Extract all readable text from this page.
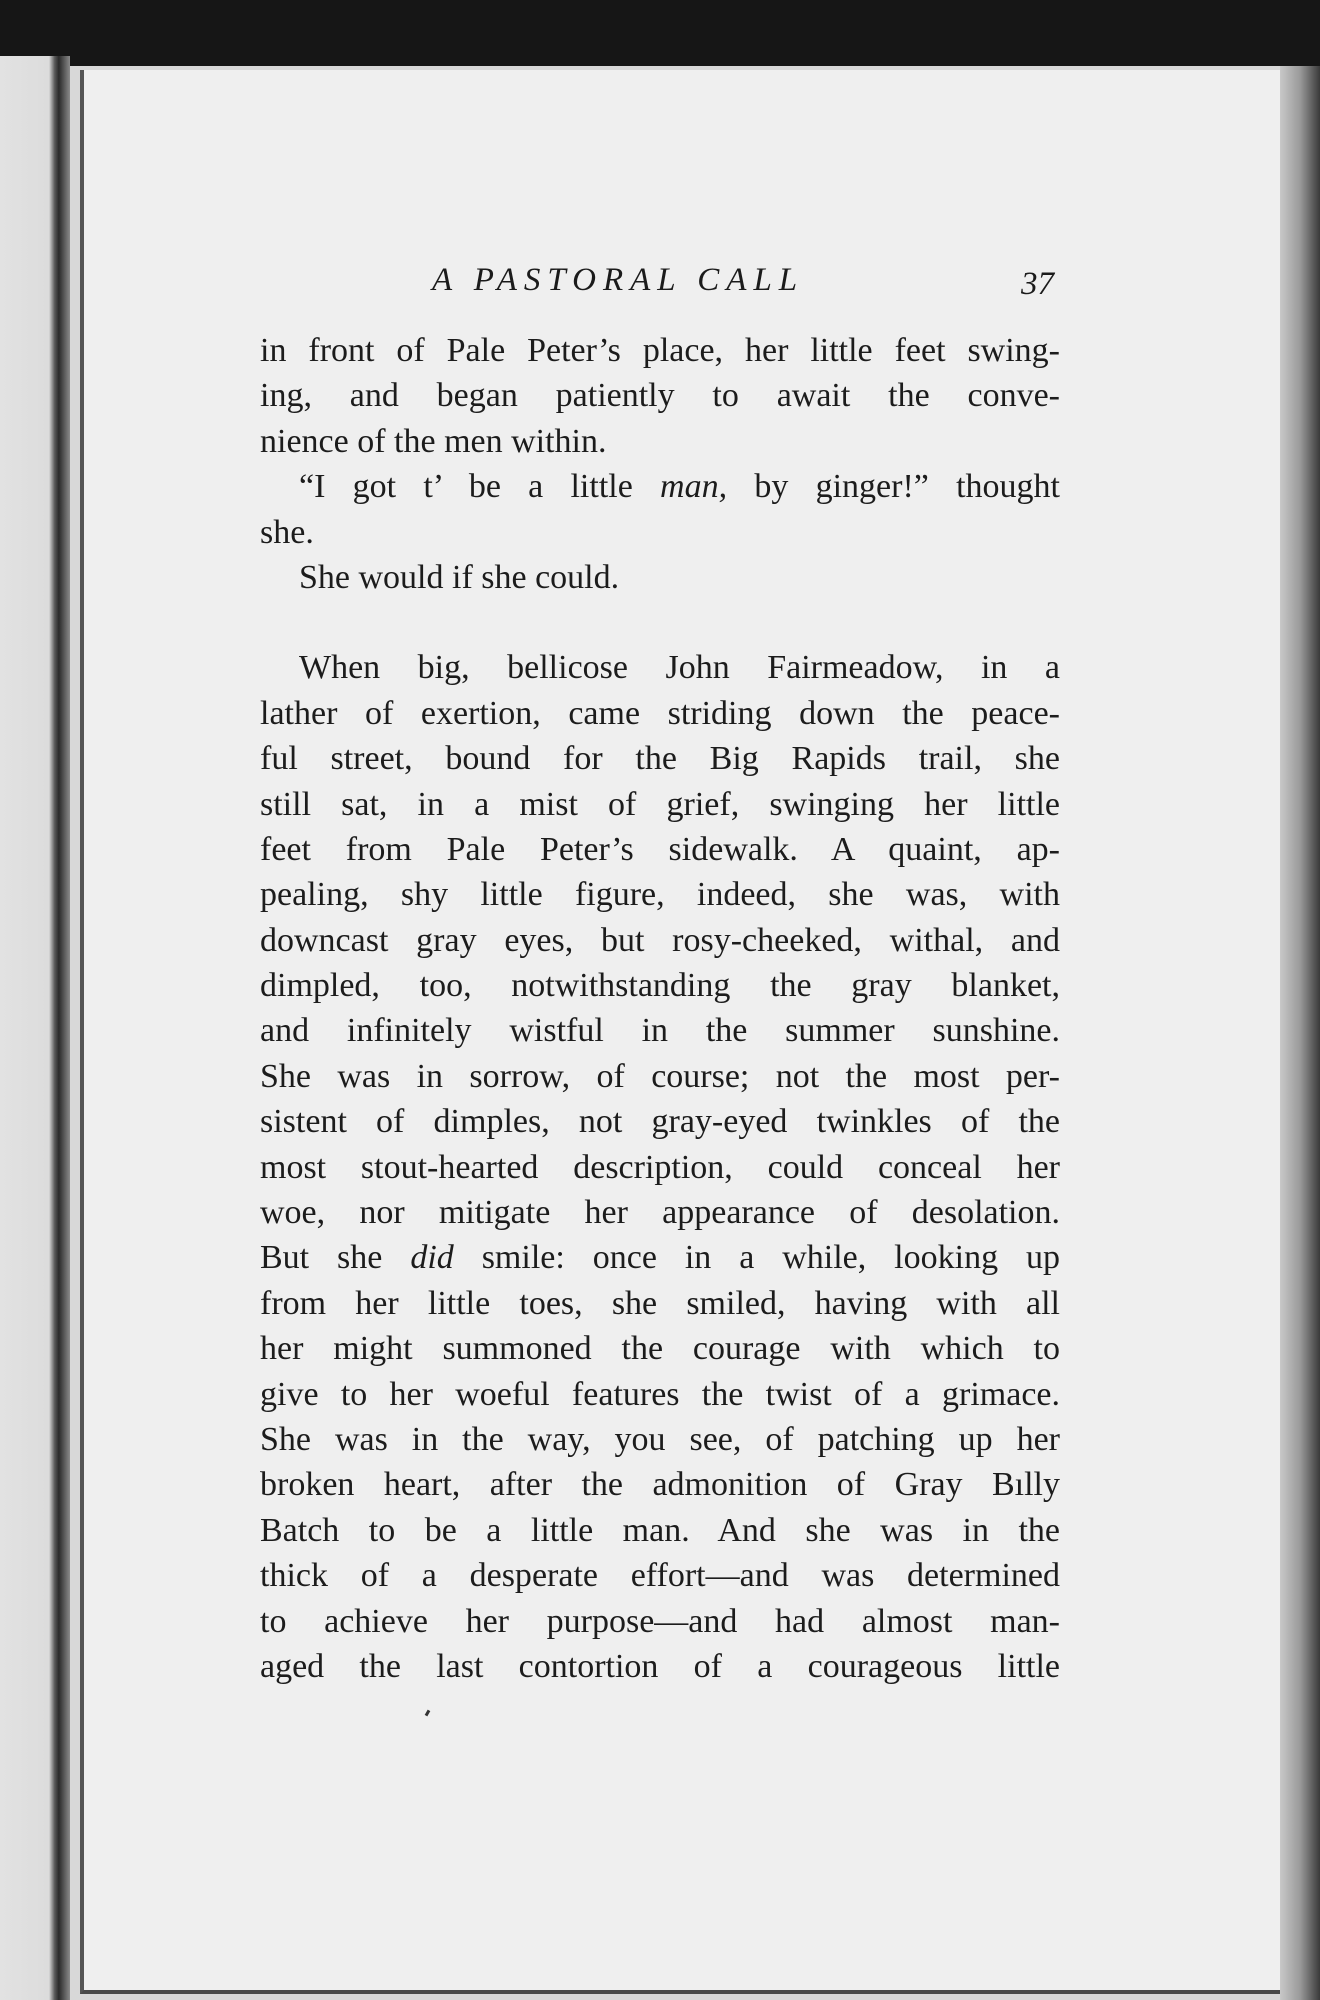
A PASTORAL CALL	37
in front of Pale Peter’s place, her little feet swing-
ing, and began patiently to await the conve-
nience of the men within.
“I got t’ be a little man, by ginger!” thought
she.
She would if she could.
When big, bellicose John Fairmeadow, in a
lather of exertion, came striding down the peace-
ful street, bound for the Big Rapids trail, she
still sat, in a mist of grief, swinging her little
feet from Pale Peter’s sidewalk. A quaint, ap-
pealing, shy little figure, indeed, she was, with
downcast gray eyes, but rosy-cheeked, withal, and
dimpled, too, notwithstanding the gray blanket,
and infinitely wistful in the summer sunshine.
She was in sorrow, of course; not the most per-
sistent of dimples, not gray-eyed twinkles of the
most stout-hearted description, could conceal her
woe, nor mitigate her appearance of desolation.
But she did smile: once in a while, looking up
from her little toes, she smiled, having with all
her might summoned the courage with which to
give to her woeful features the twist of a grimace.
She was in the way, you see, of patching up her
broken heart, after the admonition of Gray Bılly
Batch to be a little man. And she was in the
thick of a desperate effort—and was determined
to achieve her purpose—and had almost man-
aged the last contortion of a courageous little
